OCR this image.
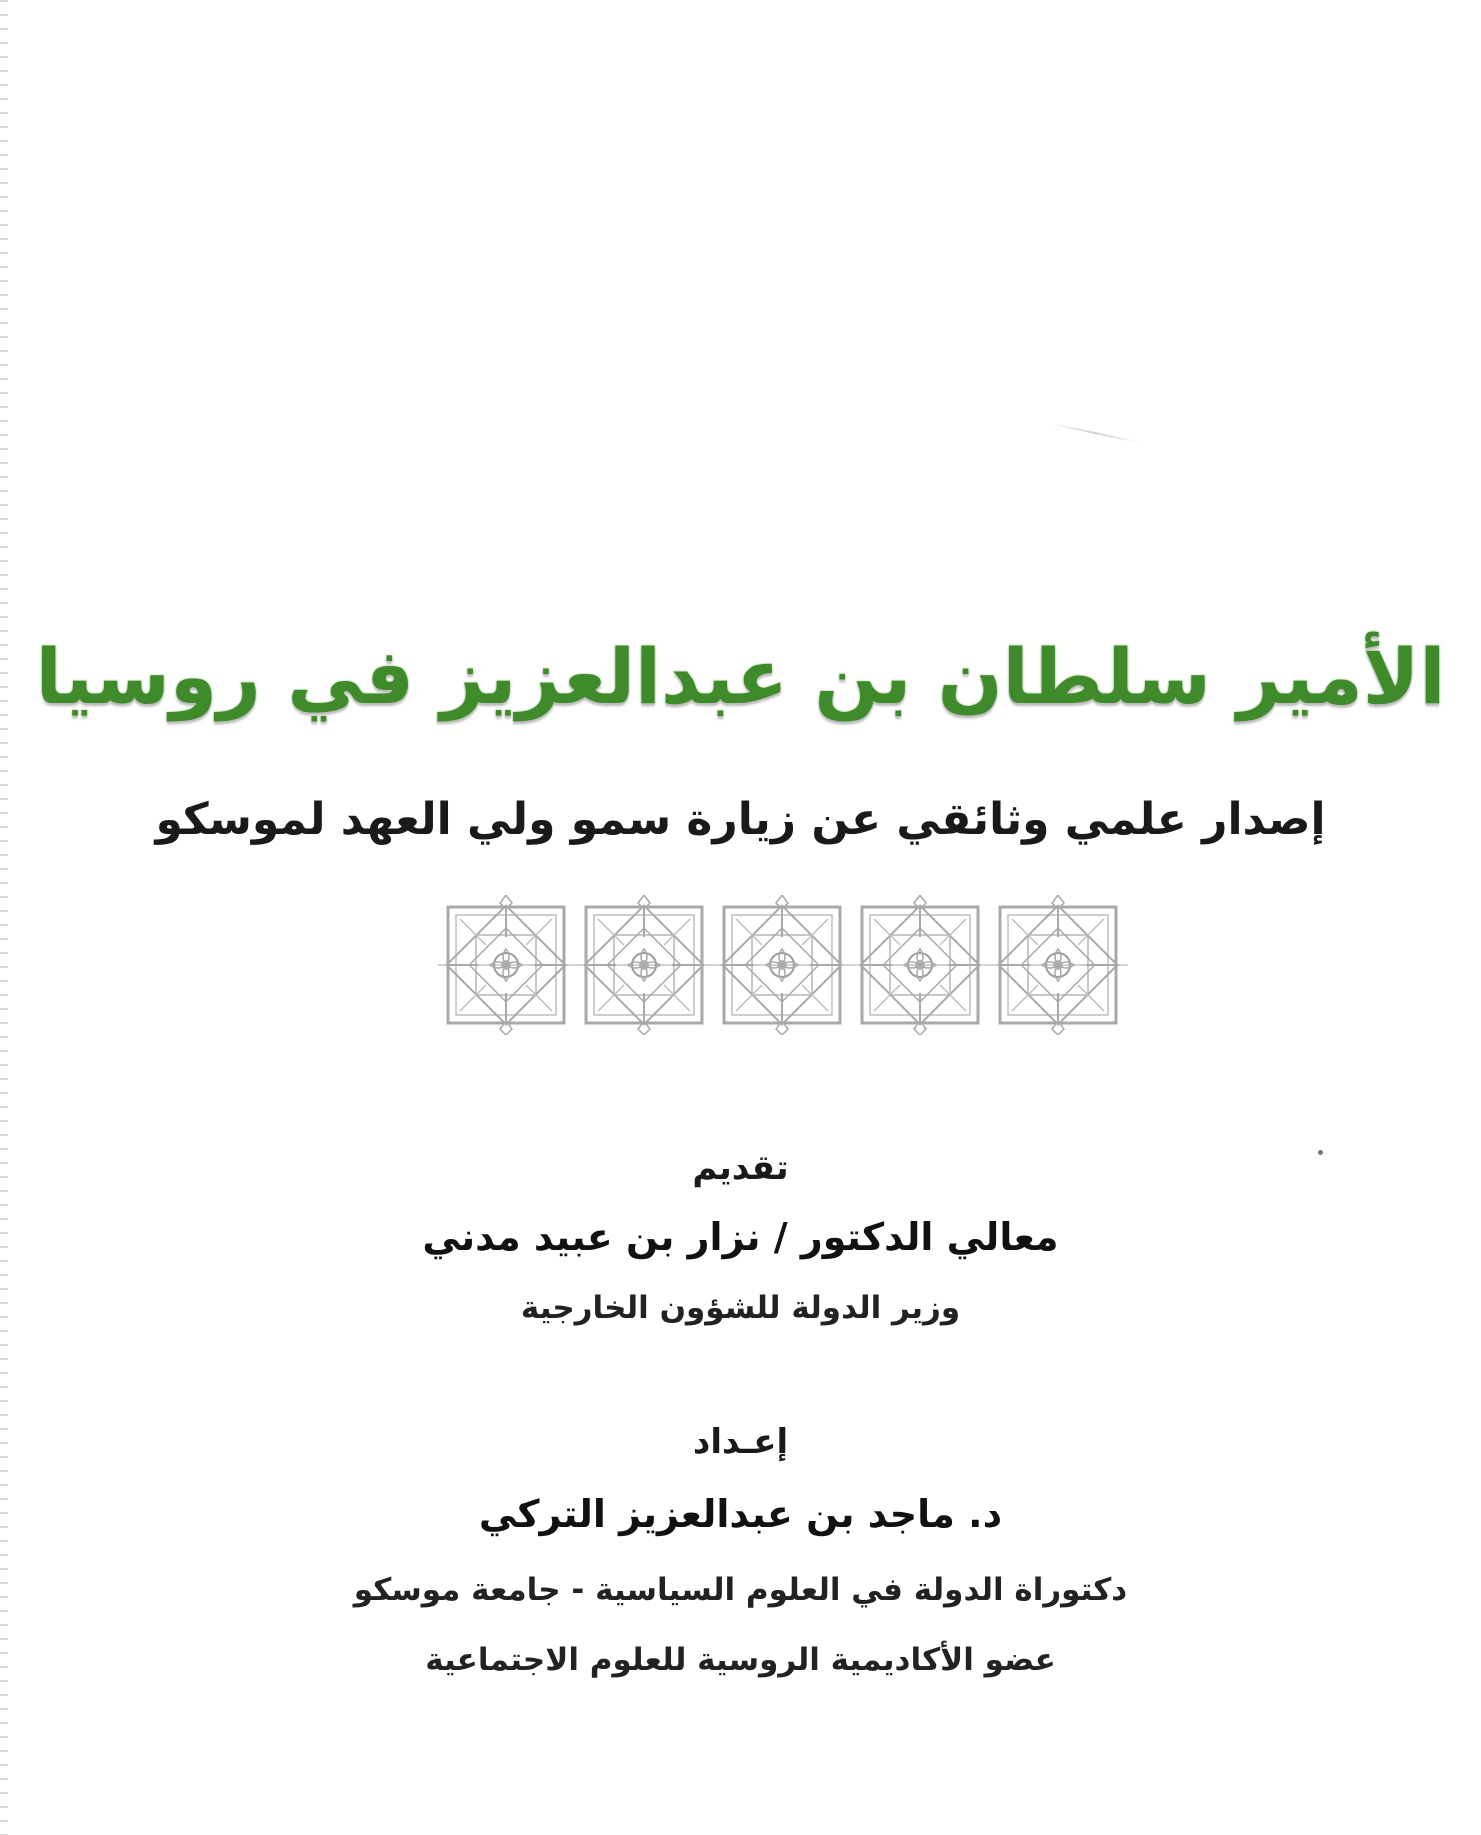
الأمير سلطان بن عبدالعزيز في روسيا
إصدار علمي وثائقي عن زيارة سمو ولي العهد لموسكو
تقديم
معالي الدكتور / نزار بن عبيد مدني
وزير الدولة للشؤون الخارجية
إعـداد
د. ماجد بن عبدالعزيز التركي
دكتوراة الدولة في العلوم السياسية - جامعة موسكو
عضو الأكاديمية الروسية للعلوم الاجتماعية
